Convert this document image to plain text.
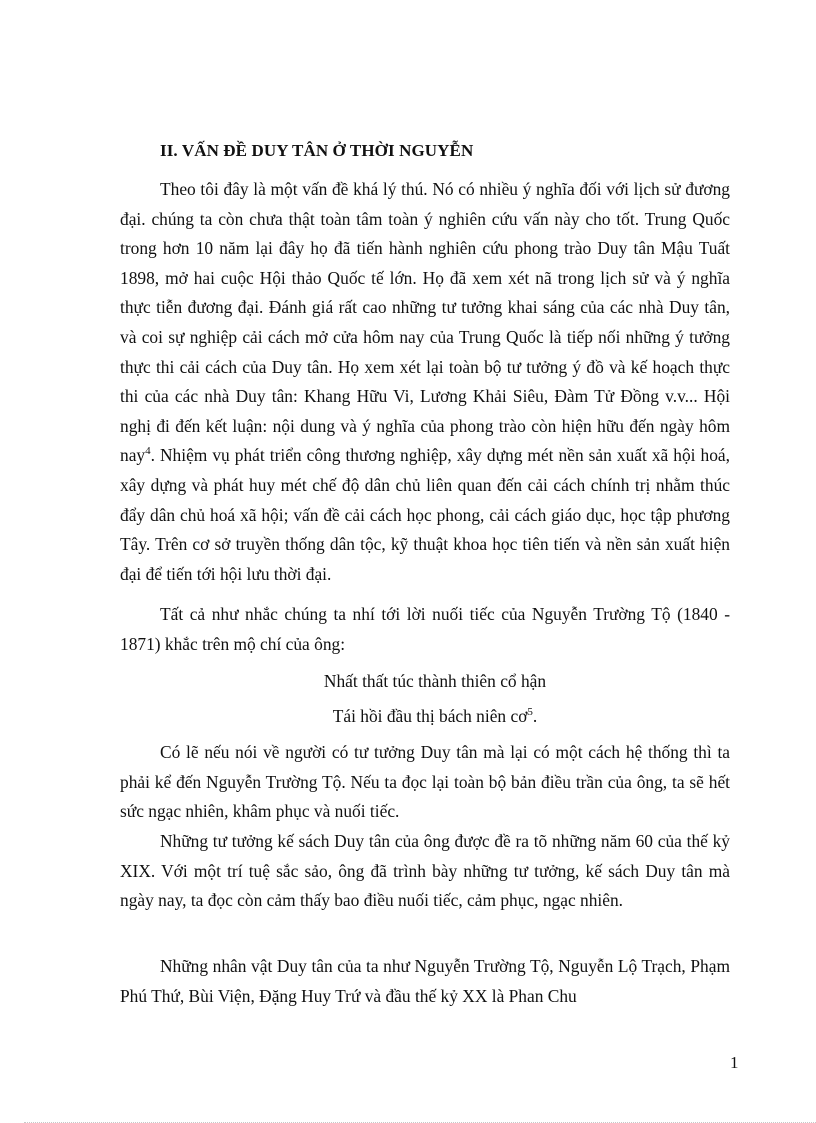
II. VẤN ĐỀ DUY TÂN Ở THỜI NGUYỄN

Theo tôi đây là một vấn đề khá lý thú. Nó có nhiều ý nghĩa đối với lịch sử đương đại. chúng ta còn chưa thật toàn tâm toàn ý nghiên cứu vấn này cho tốt. Trung Quốc trong hơn 10 năm lại đây họ đã tiến hành nghiên cứu phong trào Duy tân Mậu Tuất 1898, mở hai cuộc Hội thảo Quốc tế lớn. Họ đã xem xét nã trong lịch sử và ý nghĩa thực tiễn đương đại. Đánh giá rất cao những tư tưởng khai sáng của các nhà Duy tân, và coi sự nghiệp cải cách mở cửa hôm nay của Trung Quốc là tiếp nối những ý tưởng thực thi cải cách của Duy tân. Họ xem xét lại toàn bộ tư tưởng ý đồ và kế hoạch thực thi của các nhà Duy tân: Khang Hữu Vi, Lương Khải Siêu, Đàm Tử Đồng v.v... Hội nghị đi đến kết luận: nội dung và ý nghĩa của phong trào còn hiện hữu đến ngày hôm nay$^4$. Nhiệm vụ phát triển công thương nghiệp, xây dựng mét nền sản xuất xã hội hoá, xây dựng và phát huy mét chế độ dân chủ liên quan đến cải cách chính trị nhằm thúc đẩy dân chủ hoá xã hội; vấn đề cải cách học phong, cải cách giáo dục, học tập phương Tây. Trên cơ sở truyền thống dân tộc, kỹ thuật khoa học tiên tiến và nền sản xuất hiện đại để tiến tới hội lưu thời đại.

Tất cả như nhắc chúng ta nhí tới lời nuối tiếc của Nguyễn Trường Tộ (1840 - 1871) khắc trên mộ chí của ông:

Nhất thất túc thành thiên cổ hận

Tái hồi đầu thị bách niên $cơ^5$.

Có lẽ nếu nói về người có tư tưởng Duy tân mà lại có một cách hệ thống thì ta phải kể đến Nguyễn Trường Tộ. Nếu ta đọc lại toàn bộ bản điều trần của ông, ta sẽ hết sức ngạc nhiên, khâm phục và nuối tiếc.

Những tư tưởng kế sách Duy tân của ông được đề ra tõ những năm 60 của thế kỷ XIX. Với một trí tuệ sắc sảo, ông đã trình bày những tư tưởng, kế sách Duy tân mà ngày nay, ta đọc còn cảm thấy bao điều nuối tiếc, cảm phục, ngạc nhiên.

Những nhân vật Duy tân của ta như Nguyễn Trường Tộ, Nguyễn Lộ Trạch, Phạm Phú Thứ, Bùi Viện, Đặng Huy Trứ và đầu thế kỷ XX là Phan Chu

1
